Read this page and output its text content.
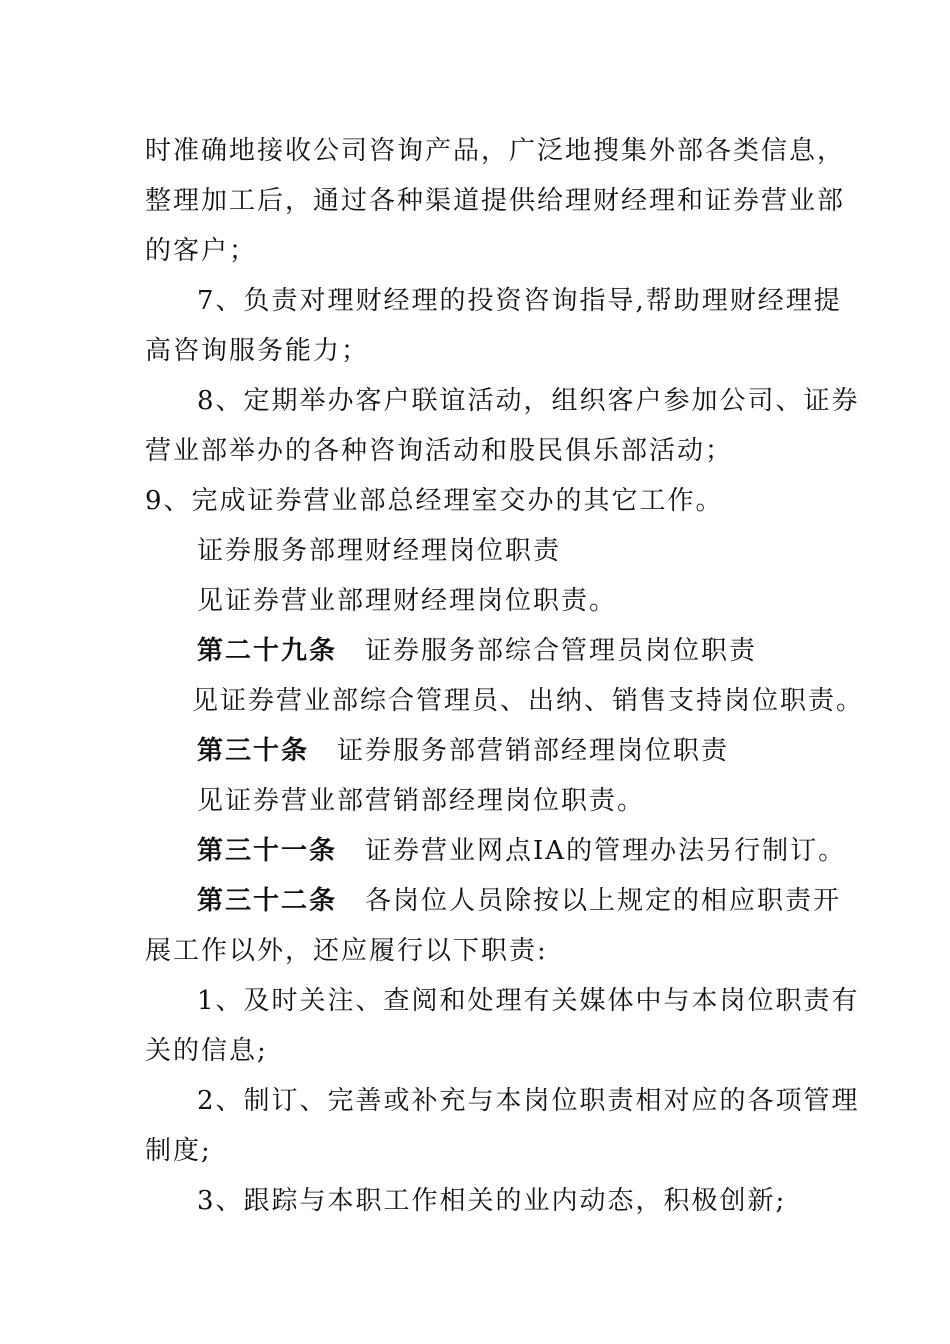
时准确地接收公司咨询产品，广泛地搜集外部各类信息，
整理加工后，通过各种渠道提供给理财经理和证券营业部
的客户；
7、负责对理财经理的投资咨询指导,帮助理财经理提
高咨询服务能力；
8、定期举办客户联谊活动，组织客户参加公司、证券
营业部举办的各种咨询活动和股民俱乐部活动；
9、完成证券营业部总经理室交办的其它工作。
证券服务部理财经理岗位职责
见证券营业部理财经理岗位职责。
第二十九条 证券服务部综合管理员岗位职责
见证券营业部综合管理员、出纳、销售支持岗位职责。
第三十条 证券服务部营销部经理岗位职责
见证券营业部营销部经理岗位职责。
第三十一条 证券营业网点IA的管理办法另行制订。
第三十二条 各岗位人员除按以上规定的相应职责开
展工作以外，还应履行以下职责:
1、及时关注、查阅和处理有关媒体中与本岗位职责有
关的信息;
2、制订、完善或补充与本岗位职责相对应的各项管理
制度;
3、跟踪与本职工作相关的业内动态，积极创新;
